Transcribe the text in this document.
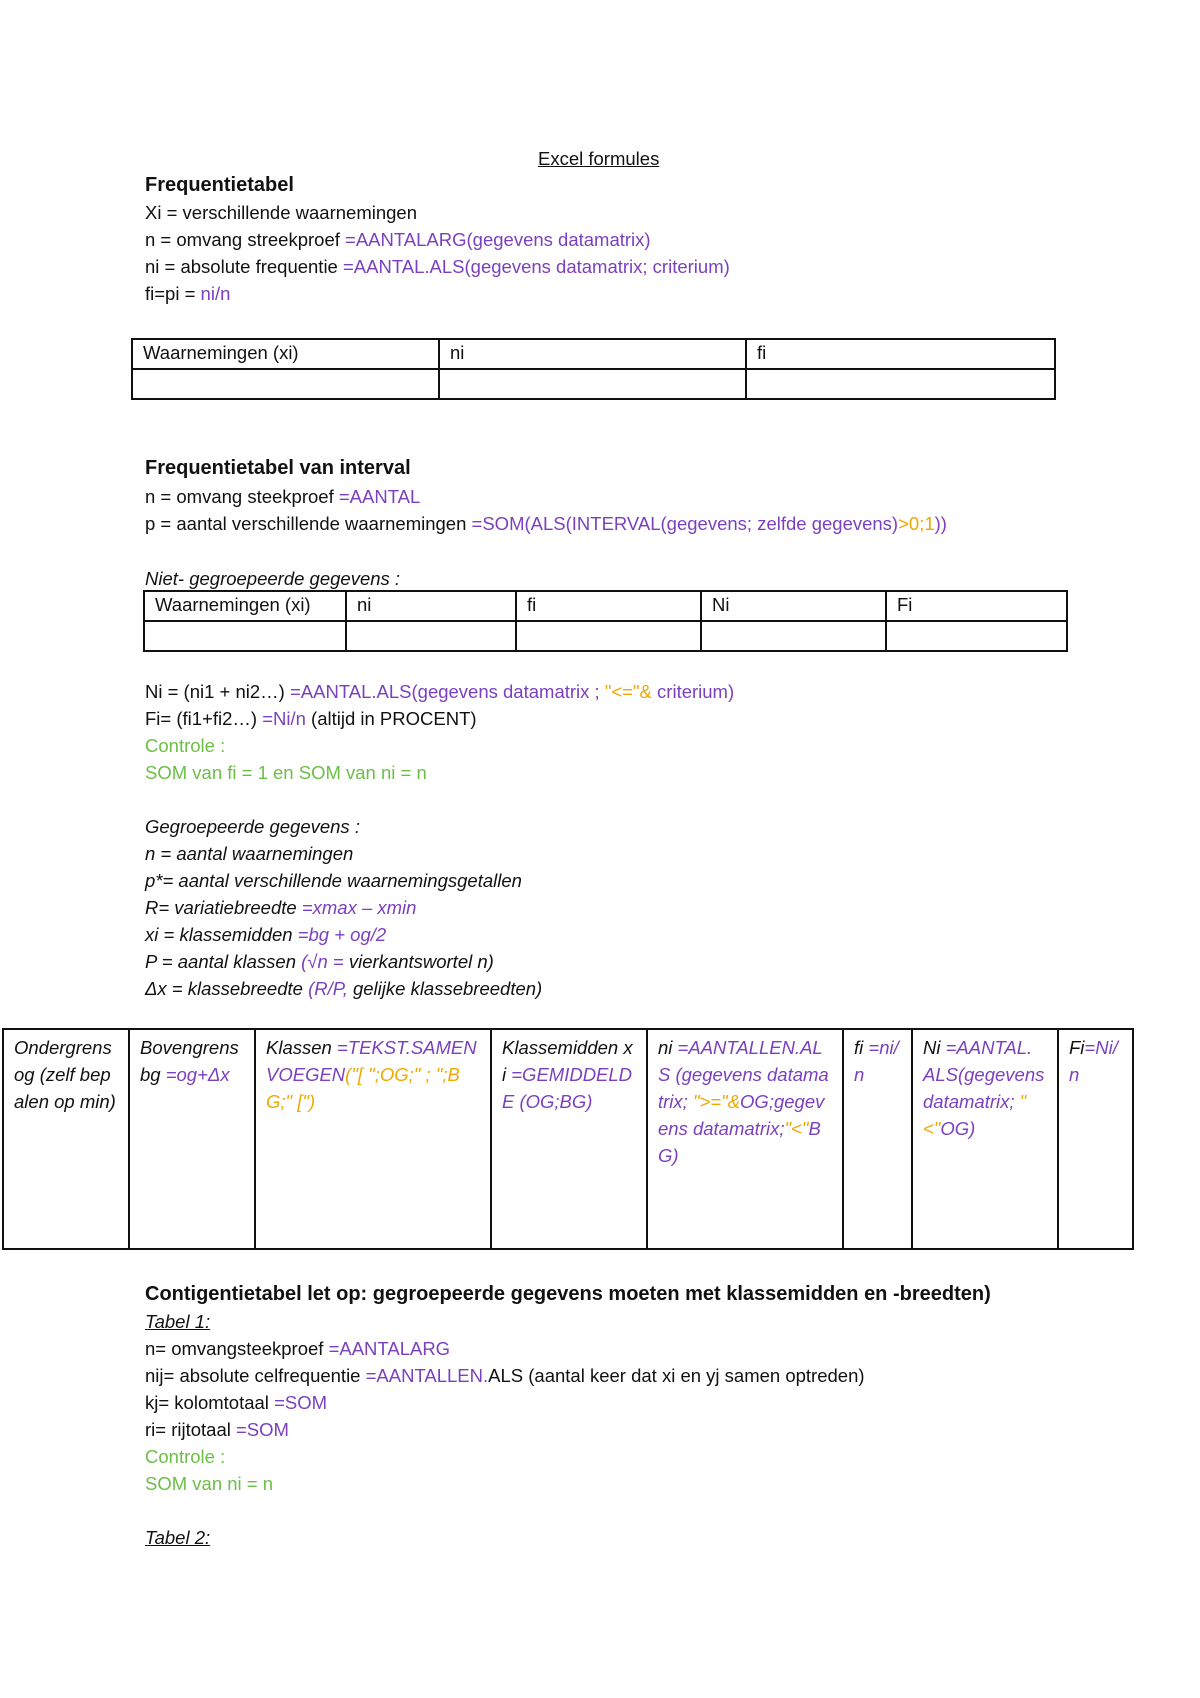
Excel formules
Frequentietabel
Xi = verschillende waarnemingen
n = omvang streekproef =AANTALARG(gegevens datamatrix)
ni = absolute frequentie =AANTAL.ALS(gegevens datamatrix; criterium)
fi=pi = ni/n
Waarnemingen (xi)	ni	fi

Frequentietabel van interval
n = omvang steekproef =AANTAL
p = aantal verschillende waarnemingen =SOM(ALS(INTERVAL(gegevens; zelfde gegevens)>0;1))
Niet- gegroepeerde gegevens :
Waarnemingen (xi)	ni	fi	Ni	Fi

Ni = (ni1 + ni2…) =AANTAL.ALS(gegevens datamatrix ; "<="& criterium)
Fi= (fi1+fi2…) =Ni/n (altijd in PROCENT)
Controle :
SOM van fi = 1 en SOM van ni = n
Gegroepeerde gegevens :
n = aantal waarnemingen
p*= aantal verschillende waarnemingsgetallen
R= variatiebreedte =xmax – xmin
xi = klassemidden =bg + og/2
P = aantal klassen (√n = vierkantswortel n)
Δx = klassebreedte (R/P, gelijke klassebreedten)
Ondergrens og (zelf bepalen op min)	Bovengrens bg =og+Δx	Klassen =TEKST.SAMENVOEGEN("[ ";OG;" ; ";BG;" [")	Klassemidden xi =GEMIDDELDE (OG;BG)	ni =AANTALLEN.ALS (gegevens datamatrix; ">="&OG;gegevens datamatrix;"<"BG)	fi =ni/n	Ni =AANTAL. ALS(gegevens datamatrix; "<"OG)	Fi=Ni/n
Contigentietabel let op: gegroepeerde gegevens moeten met klassemidden en -breedten)
Tabel 1:
n= omvangsteekproef =AANTALARG
nij= absolute celfrequentie =AANTALLEN.ALS (aantal keer dat xi en yj samen optreden)
kj= kolomtotaal =SOM
ri= rijtotaal =SOM
Controle :
SOM van ni = n
Tabel 2:
